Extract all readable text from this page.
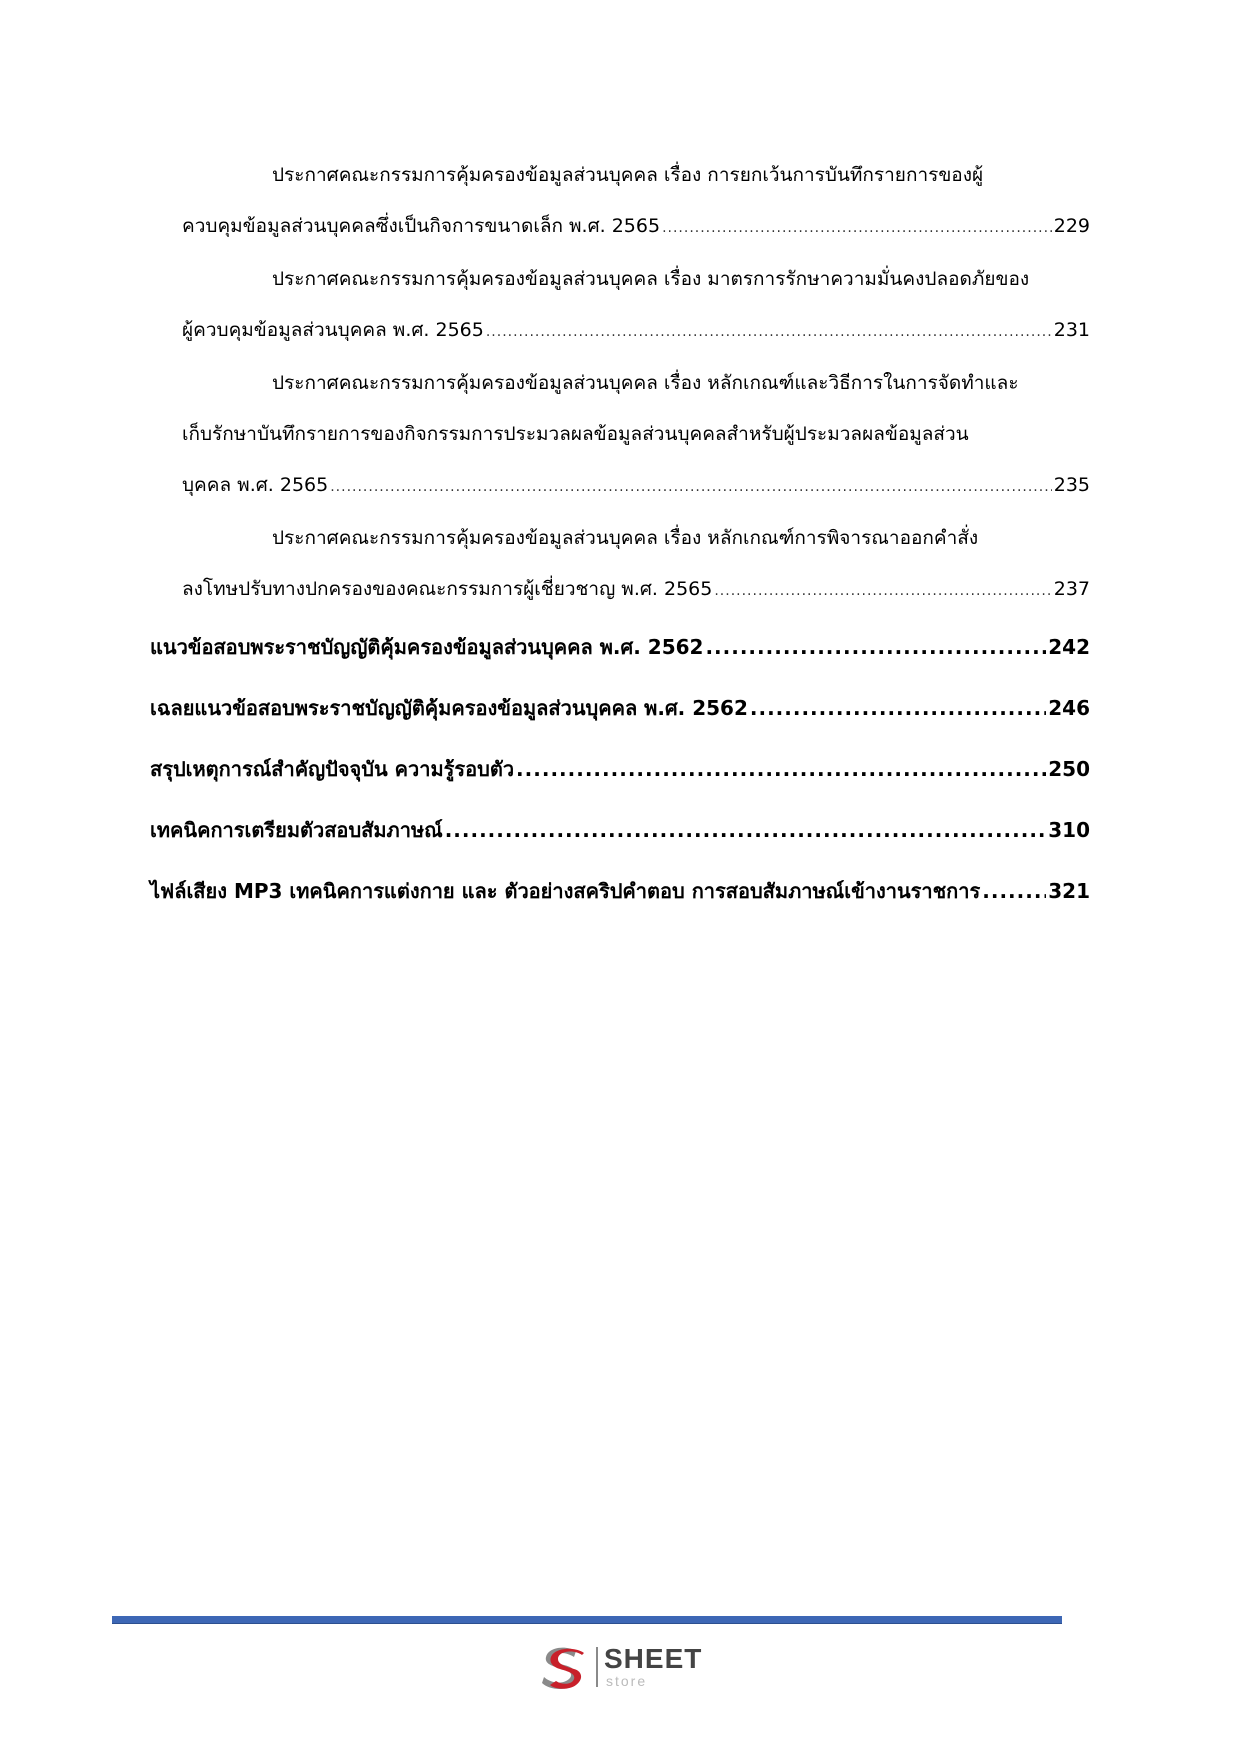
ประกาศคณะกรรมการคุ้มครองข้อมูลส่วนบุคคล เรื่อง การยกเว้นการบันทึกรายการของผู้
ควบคุมข้อมูลส่วนบุคคลซึ่งเป็นกิจการขนาดเล็ก พ.ศ. 2565 .....	229
ประกาศคณะกรรมการคุ้มครองข้อมูลส่วนบุคคล เรื่อง มาตรการรักษาความมั่นคงปลอดภัยของ
ผู้ควบคุมข้อมูลส่วนบุคคล พ.ศ. 2565 .....	231
ประกาศคณะกรรมการคุ้มครองข้อมูลส่วนบุคคล เรื่อง หลักเกณฑ์และวิธีการในการจัดทำและ
เก็บรักษาบันทึกรายการของกิจกรรมการประมวลผลข้อมูลส่วนบุคคลสำหรับผู้ประมวลผลข้อมูลส่วน
บุคคล พ.ศ. 2565 .....	235
ประกาศคณะกรรมการคุ้มครองข้อมูลส่วนบุคคล เรื่อง หลักเกณฑ์การพิจารณาออกคำสั่ง
ลงโทษปรับทางปกครองของคณะกรรมการผู้เชี่ยวชาญ พ.ศ. 2565 .....	237
แนวข้อสอบพระราชบัญญัติคุ้มครองข้อมูลส่วนบุคคล พ.ศ. 2562 .....	242
เฉลยแนวข้อสอบพระราชบัญญัติคุ้มครองข้อมูลส่วนบุคคล พ.ศ. 2562 .....	246
สรุปเหตุการณ์สำคัญปัจจุบัน ความรู้รอบตัว .....	250
เทคนิคการเตรียมตัวสอบสัมภาษณ์ .....	310
ไฟล์เสียง MP3 เทคนิคการแต่งกาย และ ตัวอย่างสคริปคำตอบ การสอบสัมภาษณ์เข้างานราชการ .....	321
SHEET
store
